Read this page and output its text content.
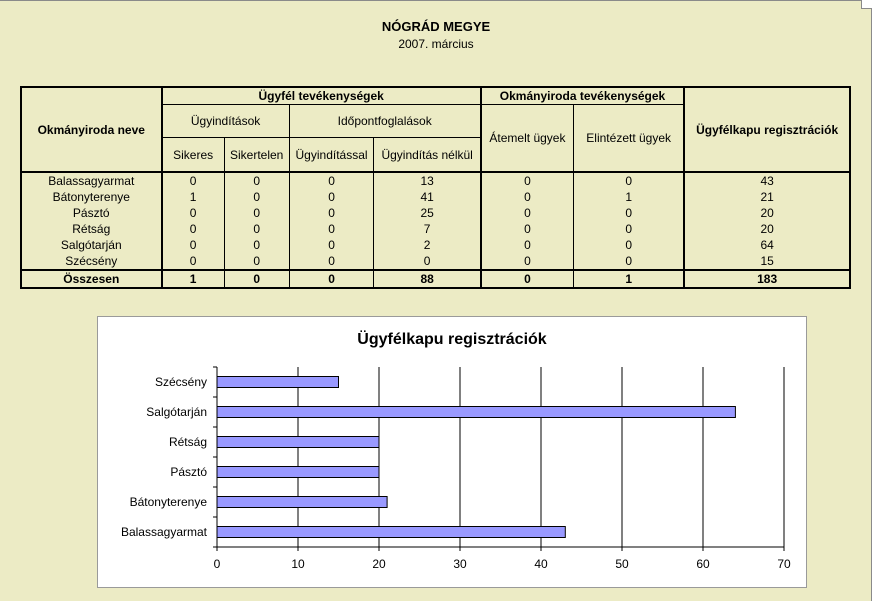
NÓGRÁD MEGYE
2007. március
Okmányiroda neve	Ügyfél tevékenységek				Okmányiroda tevékenységek		Ügyfélkapu regisztrációk
	Ügyindítások		Időpontfoglalások		Átemelt ügyek	Elintézett ügyek	
	Sikeres	Sikertelen	Ügyindítással	Ügyindítás nélkül			
Balassagyarmat	0	0	0	13	0	0	43
Bátonyterenye	1	0	0	41	0	1	21
Pásztó	0	0	0	25	0	0	20
Rétság	0	0	0	7	0	0	20
Salgótarján	0	0	0	2	0	0	64
Szécsény	0	0	0	0	0	0	15
Összesen	1	0	0	88	0	1	183
Ügyfélkapu regisztrációk
0	10	20	30	40	50	60	70
Szécsény
Salgótarján
Rétság
Pásztó
Bátonyterenye
Balassagyarmat
